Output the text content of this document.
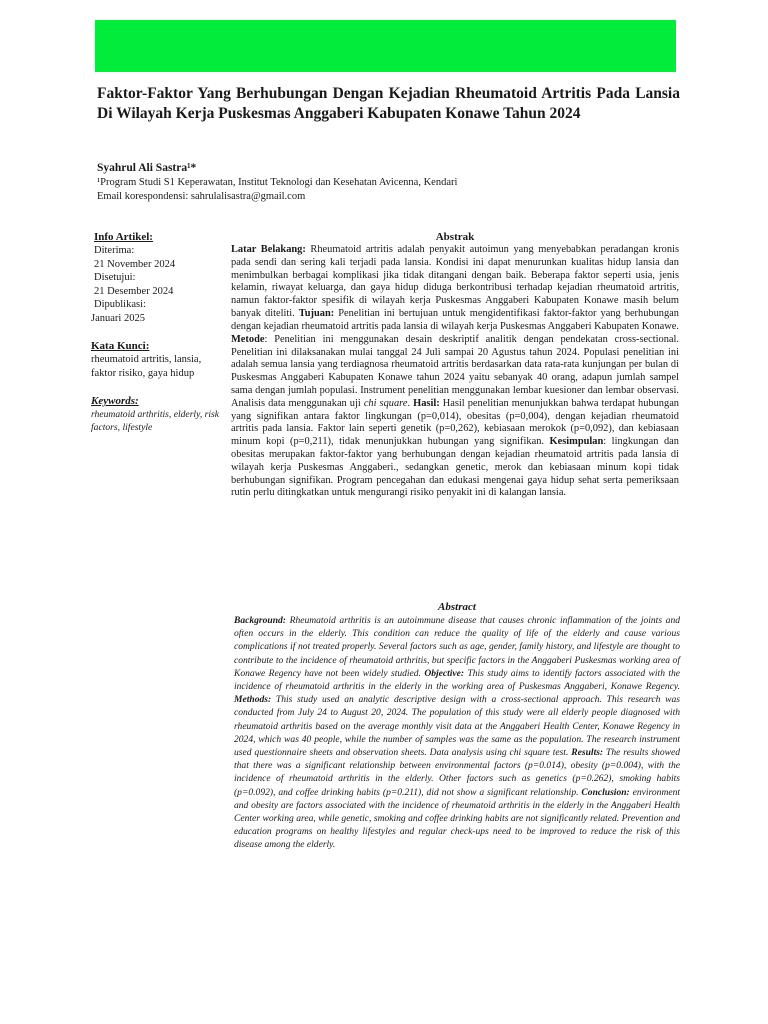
Faktor-Faktor Yang Berhubungan Dengan Kejadian Rheumatoid Artritis Pada Lansia Di Wilayah Kerja Puskesmas Anggaberi Kabupaten Konawe Tahun 2024
Syahrul Ali Sastra¹*
¹Program Studi S1 Keperawatan, Institut Teknologi dan Kesehatan Avicenna, Kendari
Email korespondensi: sahrulalisastra@gmail.com
Info Artikel:
Diterima:
21 November 2024
Disetujui:
21 Desember 2024
Dipublikasi:
Januari 2025
Kata Kunci:
rheumatoid artritis, lansia, faktor risiko, gaya hidup
Keywords:
rheumatoid arthritis, elderly, risk factors, lifestyle
Abstrak

Latar Belakang: Rheumatoid artritis adalah penyakit autoimun yang menyebabkan peradangan kronis pada sendi dan sering kali terjadi pada lansia. Kondisi ini dapat menurunkan kualitas hidup lansia dan menimbulkan berbagai komplikasi jika tidak ditangani dengan baik. Beberapa faktor seperti usia, jenis kelamin, riwayat keluarga, dan gaya hidup diduga berkontribusi terhadap kejadian rheumatoid artritis, namun faktor-faktor spesifik di wilayah kerja Puskesmas Anggaberi Kabupaten Konawe masih belum banyak diteliti. Tujuan: Penelitian ini bertujuan untuk mengidentifikasi faktor-faktor yang berhubungan dengan kejadian rheumatoid artritis pada lansia di wilayah kerja Puskesmas Anggaberi Kabupaten Konawe. Metode: Penelitian ini menggunakan desain deskriptif analitik dengan pendekatan cross-sectional. Penelitian ini dilaksanakan mulai tanggal 24 Juli sampai 20 Agustus tahun 2024. Populasi penelitian ini adalah semua lansia yang terdiagnosa rheumatoid artritis berdasarkan data rata-rata kunjungan per bulan di Puskesmas Anggaberi Kabupaten Konawe tahun 2024 yaitu sebanyak 40 orang, adapun jumlah sampel sama dengan jumlah populasi. Instrument penelitian menggunakan lembar kuesioner dan lembar observasi. Analisis data menggunakan uji chi square. Hasil: Hasil penelitian menunjukkan bahwa terdapat hubungan yang signifikan antara faktor lingkungan (p=0,014), obesitas (p=0,004), dengan kejadian rheumatoid artritis pada lansia. Faktor lain seperti genetik (p=0,262), kebiasaan merokok (p=0,092), dan kebiasaan minum kopi (p=0,211), tidak menunjukkan hubungan yang signifikan. Kesimpulan: lingkungan dan obesitas merupakan faktor-faktor yang berhubungan dengan kejadian rheumatoid artritis pada lansia di wilayah kerja Puskesmas Anggaberi., sedangkan genetic, merok dan kebiasaan minum kopi tidak berhubungan signifikan. Program pencegahan dan edukasi mengenai gaya hidup sehat serta pemeriksaan rutin perlu ditingkatkan untuk mengurangi risiko penyakit ini di kalangan lansia.

Abstract

Background: Rheumatoid arthritis is an autoimmune disease that causes chronic inflammation of the joints and often occurs in the elderly. This condition can reduce the quality of life of the elderly and cause various complications if not treated properly. Several factors such as age, gender, family history, and lifestyle are thought to contribute to the incidence of rheumatoid arthritis, but specific factors in the Anggaberi Puskesmas working area of Konawe Regency have not been widely studied. Objective: This study aims to identify factors associated with the incidence of rheumatoid arthritis in the elderly in the working area of Puskesmas Anggaberi, Konawe Regency. Methods: This study used an analytic descriptive design with a cross-sectional approach. This research was conducted from July 24 to August 20, 2024. The population of this study were all elderly people diagnosed with rheumatoid arthritis based on the average monthly visit data at the Anggaberi Health Center, Konawe Regency in 2024, which was 40 people, while the number of samples was the same as the population. The research instrument used questionnaire sheets and observation sheets. Data analysis using chi square test. Results: The results showed that there was a significant relationship between environmental factors (p=0.014), obesity (p=0.004), with the incidence of rheumatoid arthritis in the elderly. Other factors such as genetics (p=0.262), smoking habits (p=0.092), and coffee drinking habits (p=0.211), did not show a significant relationship. Conclusion: environment and obesity are factors associated with the incidence of rheumatoid arthritis in the elderly in the Anggaberi Health Center working area, while genetic, smoking and coffee drinking habits are not significantly related. Prevention and education programs on healthy lifestyles and regular check-ups need to be improved to reduce the risk of this disease among the elderly.
